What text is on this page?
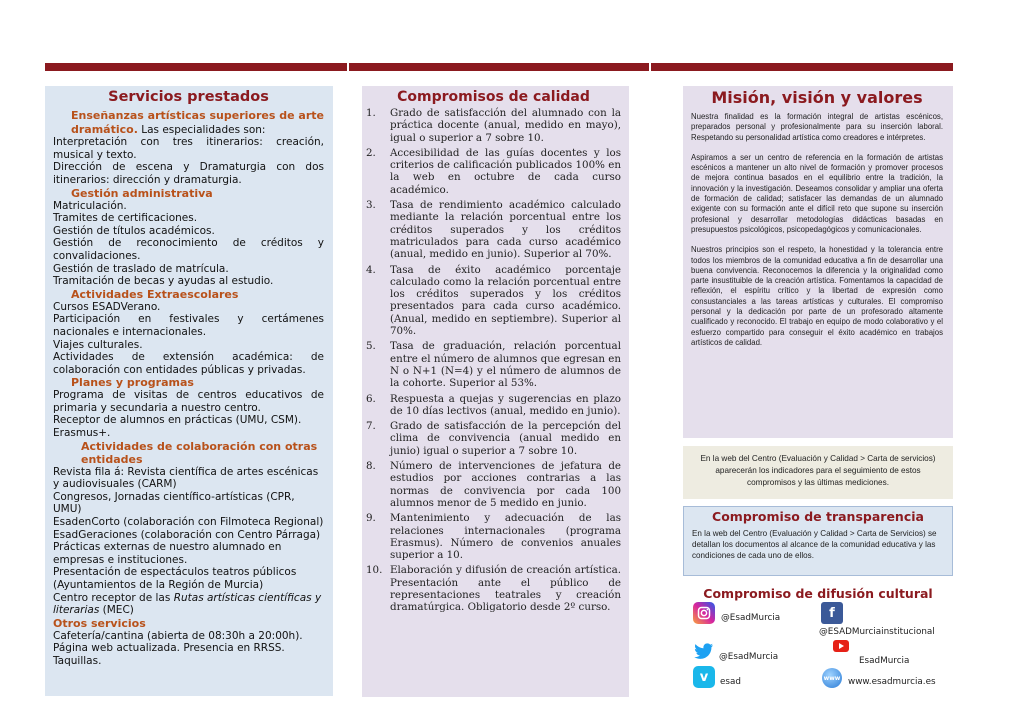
Servicios prestados

Enseñanzas artísticas superiores de arte dramático. Las especialidades son:

Interpretación con tres itinerarios: creación, musical y texto.

Dirección de escena y Dramaturgia con dos itinerarios: dirección y dramaturgia.

Gestión administrativa

Matriculación.

Tramites de certificaciones.

Gestión de títulos académicos.

Gestión de reconocimiento de créditos y convalidaciones.

Gestión de traslado de matrícula.

Tramitación de becas y ayudas al estudio.

Actividades Extraescolares

Cursos ESADVerano.

Participación en festivales y certámenes nacionales e internacionales.

Viajes culturales.

Actividades de extensión académica: de colaboración con entidades públicas y privadas.

Planes y programas

Programa de visitas de centros educativos de primaria y secundaria a nuestro centro.

Receptor de alumnos en prácticas (UMU, CSM).

Erasmus+.

Actividades de colaboración con otras entidades

Revista fila á: Revista científica de artes escénicas y audiovisuales (CARM)

Congresos, Jornadas científico-artísticas (CPR, UMU)

EsadenCorto (colaboración con Filmoteca Regional)

EsadGeraciones (colaboración con Centro Párraga)

Prácticas externas de nuestro alumnado en empresas e instituciones.

Presentación de espectáculos teatros públicos (Ayuntamientos de la Región de Murcia)

Centro receptor de las Rutas artísticas científicas y literarias (MEC)

Otros servicios

Cafetería/cantina (abierta de 08:30h a 20:00h).

Página web actualizada. Presencia en RRSS.

Taquillas.

Compromisos de calidad
1.	Grado de satisfacción del alumnado con la práctica docente (anual, medido en mayo), igual o superior a 7 sobre 10.
2.	Accesibilidad de las guías docentes y los criterios de calificación publicados 100% en la web en octubre de cada curso académico.
3.	Tasa de rendimiento académico calculado mediante la relación porcentual entre los créditos superados y los créditos matriculados para cada curso académico (anual, medido en junio). Superior al 70%.
4.	Tasa de éxito académico porcentaje calculado como la relación porcentual entre los créditos superados y los créditos presentados para cada curso académico. (Anual, medido en septiembre). Superior al 70%.
5.	Tasa de graduación, relación porcentual entre el número de alumnos que egresan en N o N+1 (N=4) y el número de alumnos de la cohorte. Superior al 53%.
6.	Respuesta a quejas y sugerencias en plazo de 10 días lectivos (anual, medido en junio).
7.	Grado de satisfacción de la percepción del clima de convivencia (anual medido en junio) igual o superior a 7 sobre 10.
8.	Número de intervenciones de jefatura de estudios por acciones contrarias a las normas de convivencia por cada 100 alumnos menor de 5 medido en junio.
9.	Mantenimiento y adecuación de las relaciones internacionales (programa Erasmus). Número de convenios anuales superior a 10.
10. Elaboración y difusión de creación artística. Presentación ante el público de representaciones teatrales y creación dramatúrgica. Obligatorio desde 2º curso.
Misión, visión y valores

Nuestra finalidad es la formación integral de artistas escénicos, preparados personal y profesionalmente para su inserción laboral. Respetando su personalidad artística como creadores e intérpretes.

Aspiramos a ser un centro de referencia en la formación de artistas escénicos a mantener un alto nivel de formación y promover procesos de mejora continua basados en el equilibrio entre la tradición, la innovación y la investigación. Deseamos consolidar y ampliar una oferta de formación de calidad; satisfacer las demandas de un alumnado exigente con su formación ante el difícil reto que supone su inserción profesional y desarrollar metodologías didácticas basadas en presupuestos psicológicos, psicopedagógicos y comunicacionales.

Nuestros principios son el respeto, la honestidad y la tolerancia entre todos los miembros de la comunidad educativa a fin de desarrollar una buena convivencia. Reconocemos la diferencia y la originalidad como parte insustituible de la creación artística. Fomentamos la capacidad de reflexión, el espíritu crítico y la libertad de expresión como consustanciales a las tareas artísticas y culturales. El compromiso personal y la dedicación por parte de un profesorado altamente cualificado y reconocido. El trabajo en equipo de modo colaborativo y el esfuerzo compartido para conseguir el éxito académico en trabajos artísticos de calidad.

En la web del Centro (Evaluación y Calidad > Carta de servicios) aparecerán los indicadores para el seguimiento de estos compromisos y las últimas mediciones.
Compromiso de transparencia
En la web del Centro (Evaluación y Calidad > Carta de Servicios) se detallan los documentos al alcance de la comunidad educativa y las condiciones de cada uno de ellos.
Compromiso de difusión cultural
@EsadMurcia	f
@ESADMurciainstitucional
@EsadMurcia	EsadMurcia
v	esad	www www.esadmurcia.es
